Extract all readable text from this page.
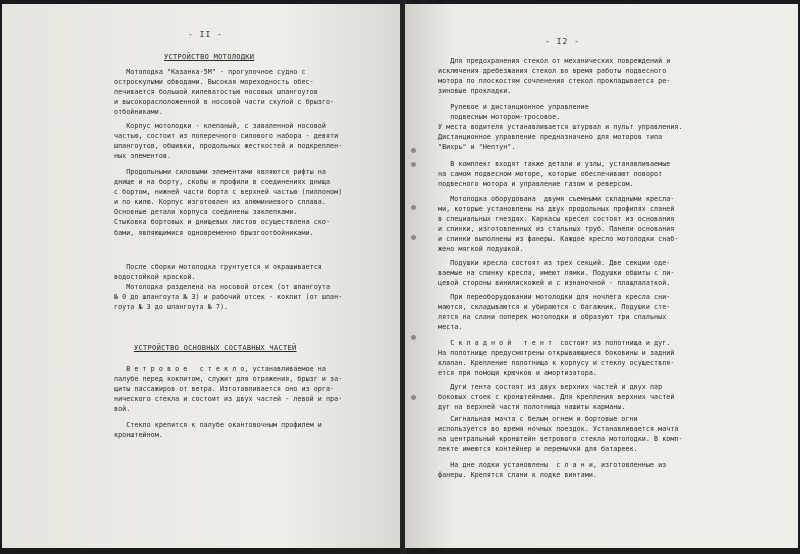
- II -
УСТРОЙСТВО МОТОЛОДКИ
Мотолодка "Казанка-5М" - прогулочное судно с
остроскулыми обводами. Высокая мореходность обес-
печивается большой килеватостью носовых шпангоутов
и высокорасположенной в носовой части скулой с брызго-
отбойниками.
Корпус мотолодки - клепаный, с заваленной носовой
частью, состоит из поперечного силового набора - девяти
шпангоутов, обшивки, продольных жесткостей и подкреплен-
ных элементов.
Продольными силовыми элементами являются рифты на
днище и на борту, скобы и профили в соединениях днища
с бортом, нижней части борта с верхней частью (пиллоном)
и по килю. Корпус изготовлен из алюминиевого сплава.
Основные детали корпуса соединены заклепками.
Стыковка бортовых и днищевых листов осуществлена ско-
бами, являющимися одновременно брызгоотбойниками.
После сборки мотолодка грунтуется и окрашивается
водостойкой краской.
Мотолодка разделена на носовой отсек (от шпангоута
№ 0 до шпангоута № 3) и рабочий отсек - кокпит (от шпан-
гоута № 3 до шпангоута № 7).
УСТРОЙСТВО ОСНОВНЫХ СОСТАВНЫХ ЧАСТЕЙ
В е т р о в о е   с т е к л о, устанавливаемое на
палубе перед кокпитом, служит для отражения, брызг и за-
щиты пассажиров от ветра. Изготавливается оно из орга-
нического стекла и состоит из двух частей - левой и пра-
вой.
Стекло крепится к палубе окантовочным профилем и
кронштейном.
- I2 -
Для предохранения стекол от механических повреждений и
исключения дребезжания стекол во время работы подвесного
мотора по плоскостям сочленения стекол прокладывается ре-
зиновые прокладки.
Рулевое и дистанционное управление
подвесным мотором-тросовое.
У места водителя устанавливается штурвал и пульт управления.
Дистанционное управление предназначено для моторов типа
"Вихрь" и "Нептун".
В комплект входят также детали и узлы, устанавливаемые
на самом подвесном моторе, которые обеспечивают поворот
подвесного мотора и управление газом и реверсом.
Мотолодка оборудована  двумя съемными складными кресла-
ми, которые установлены на двух продольных профилях сланей
в специальных гнездах. Каркасы кресел состоят из основания
и спинки, изготовленных из стальных труб. Панели основания
и спинки выполнены из фанеры. Каждое кресло мотолодки снаб-
жено мягкой подушкой.
Подушки кресла состоят из трех секций. Две секции оде-
ваемые на спинку кресла, имеют лямки. Подушки обшиты с ли-
цевой стороны винилискожей и с изнаночной - плащпалаткой.
При переоборудовании мотолодки для ночлега кресла сни-
маются, складываются и убираются с багажник. Подушки сте-
лятся на слани поперек мотолодки и образуют три спальных
места.
С к л а д н о й   т е н т  состоит из полотнища и дуг.
На полотнище предусмотрены открывающиеся боковины и задний
клапан. Крепление полотнища к корпусу и стеклу осуществля-
ется при помощи крючков и амортизатора.
Дуги тента состоят из двух верхних частей и двух пар
боковых стоек с кронштейнами. Для крепления верхних частей
дуг на верхней части полотнища нашиты карманы.
Сигнальная мачта с белым огнем и бортовые огни
используется во время ночных поездок. Устанавливается мачта
на центральный кронштейн ветрового стекла мотолодки. В комп-
лекте имеются контейнер и перемычки для батареек.
На дне лодки установлены  с л а н и, изготовленные из
фанеры. Крепятся слани к лодке винтами.
